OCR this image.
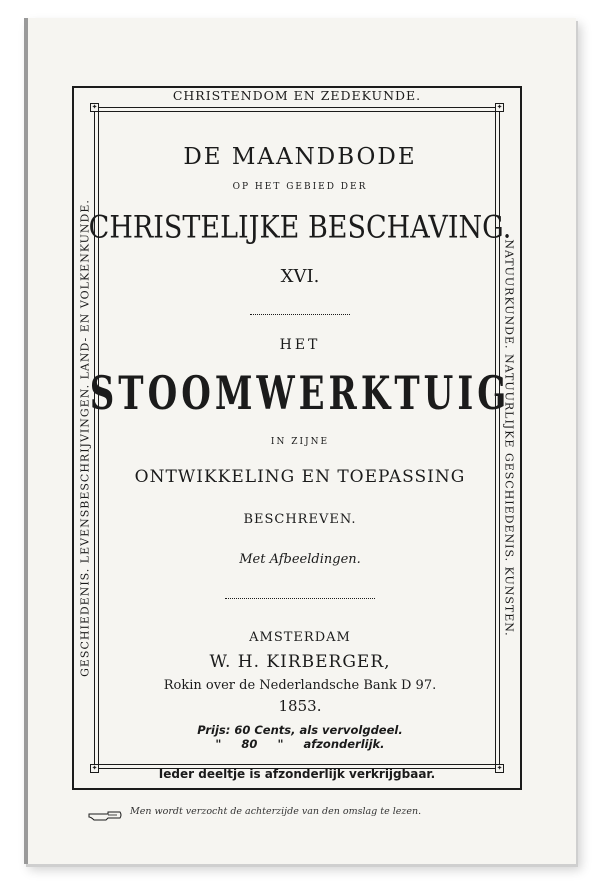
✦	✦
✦	✦
CHRISTENDOM EN ZEDEKUNDE.
GESCHIEDENIS. LEVENSBESCHRIJVINGEN. LAND- EN VOLKENKUNDE.	NATUURKUNDE. NATUURLIJKE GESCHIEDENIS. KUNSTEN.
Ieder deeltje is afzonderlijk verkrijgbaar.
DE MAANDBODE
OP HET GEBIED DER
CHRISTELIJKE BESCHAVING.
XVI.
HET
STOOMWERKTUIG
IN ZIJNE
ONTWIKKELING EN TOEPASSING
BESCHREVEN.
Met Afbeeldingen.
AMSTERDAM
W. H. KIRBERGER,
Rokin over de Nederlandsche Bank D 97.
1853.
Prijs: 60 Cents, als vervolgdeel.
"     80     "     afzonderlijk.
Men wordt verzocht de achterzijde van den omslag te lezen.
